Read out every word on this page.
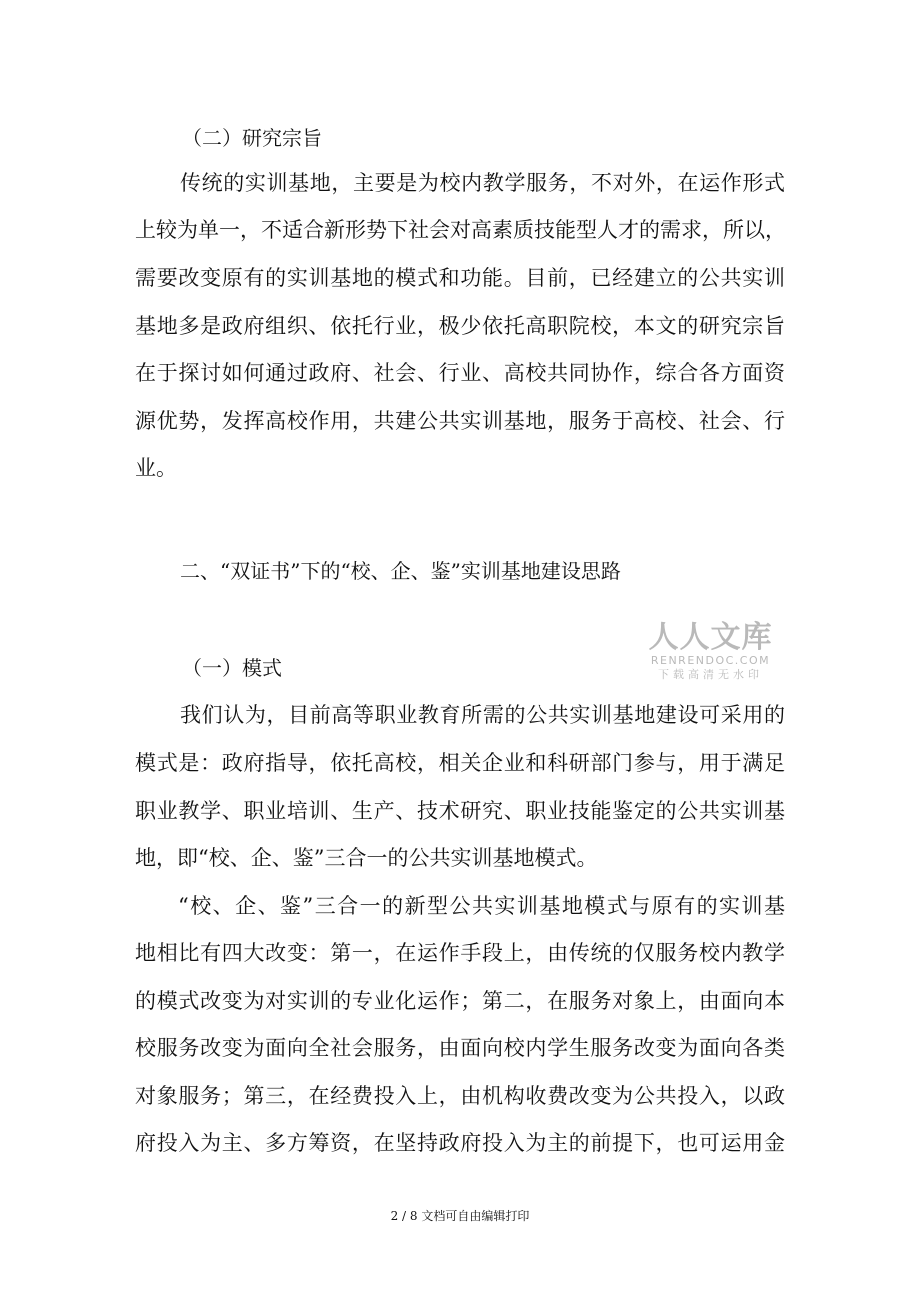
（二）研究宗旨
传统的实训基地，主要是为校内教学服务，不对外，在运作形式
上较为单一，不适合新形势下社会对高素质技能型人才的需求，所以，
需要改变原有的实训基地的模式和功能。目前，已经建立的公共实训
基地多是政府组织、依托行业，极少依托高职院校，本文的研究宗旨
在于探讨如何通过政府、社会、行业、高校共同协作，综合各方面资
源优势，发挥高校作用，共建公共实训基地，服务于高校、社会、行
业。
二、“双证书”下的“校、企、鉴”实训基地建设思路
人人文库
RENRENDOC.COM
下载高清无水印
（一）模式
我们认为，目前高等职业教育所需的公共实训基地建设可采用的
模式是：政府指导，依托高校，相关企业和科研部门参与，用于满足
职业教学、职业培训、生产、技术研究、职业技能鉴定的公共实训基
地，即“校、企、鉴”三合一的公共实训基地模式。
“校、企、鉴”三合一的新型公共实训基地模式与原有的实训基
地相比有四大改变：第一，在运作手段上，由传统的仅服务校内教学
的模式改变为对实训的专业化运作；第二，在服务对象上，由面向本
校服务改变为面向全社会服务，由面向校内学生服务改变为面向各类
对象服务；第三，在经费投入上，由机构收费改变为公共投入，以政
府投入为主、多方筹资，在坚持政府投入为主的前提下，也可运用金
2 / 8 文档可自由编辑打印
